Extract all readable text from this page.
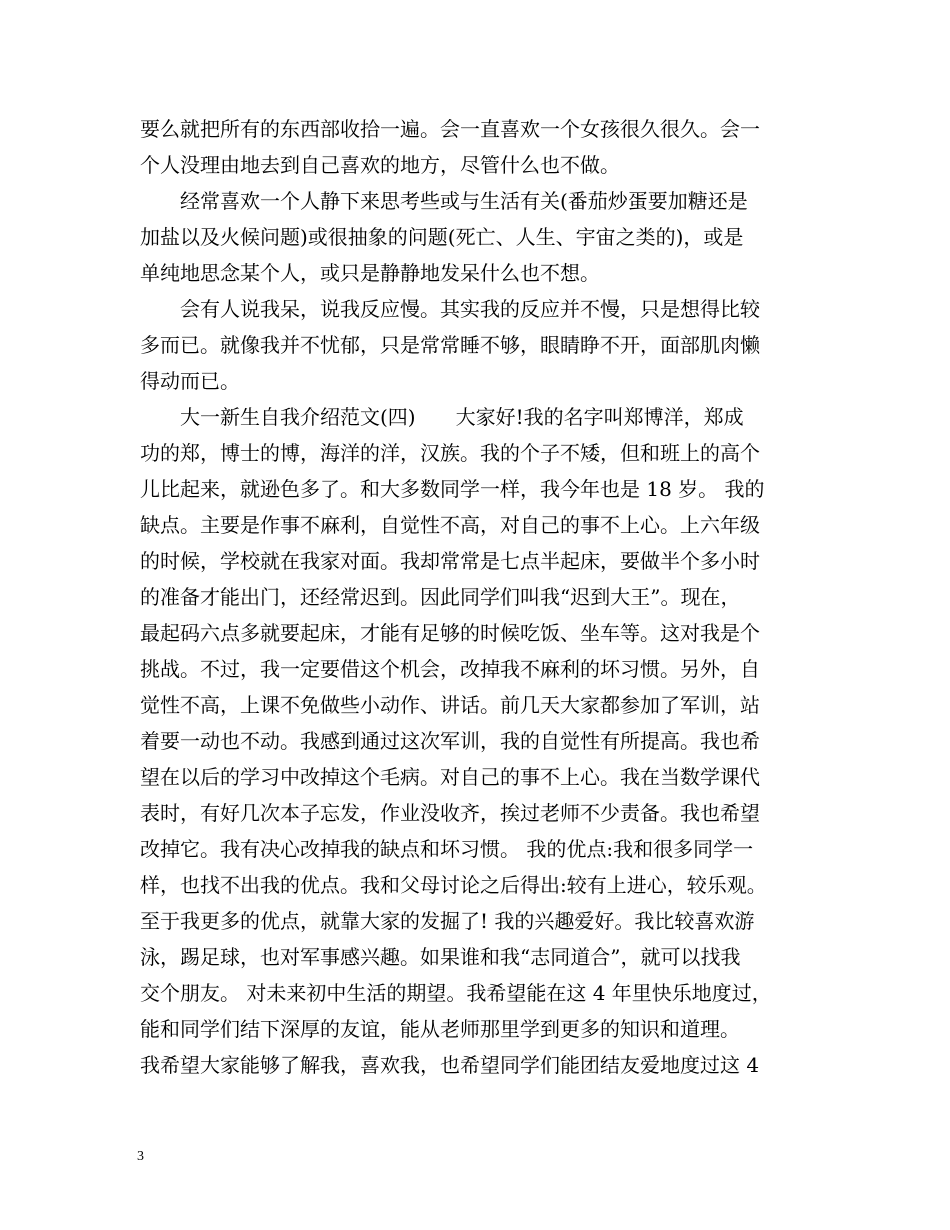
要么就把所有的东西部收拾一遍。会一直喜欢一个女孩很久很久。会一
个人没理由地去到自己喜欢的地方，尽管什么也不做。
　　经常喜欢一个人静下来思考些或与生活有关(番茄炒蛋要加糖还是
加盐以及火候问题)或很抽象的问题(死亡、人生、宇宙之类的)，或是
单纯地思念某个人，或只是静静地发呆什么也不想。
　　会有人说我呆，说我反应慢。其实我的反应并不慢，只是想得比较
多而已。就像我并不忧郁，只是常常睡不够，眼睛睁不开，面部肌肉懒
得动而已。
　　大一新生自我介绍范文(四)　　大家好!我的名字叫郑博洋，郑成
功的郑，博士的博，海洋的洋，汉族。我的个子不矮，但和班上的高个
儿比起来，就逊色多了。和大多数同学一样，我今年也是 18 岁。 我的
缺点。主要是作事不麻利，自觉性不高，对自己的事不上心。上六年级
的时候，学校就在我家对面。我却常常是七点半起床，要做半个多小时
的准备才能出门，还经常迟到。因此同学们叫我“迟到大王”。现在，
最起码六点多就要起床，才能有足够的时候吃饭、坐车等。这对我是个
挑战。不过，我一定要借这个机会，改掉我不麻利的坏习惯。另外，自
觉性不高，上课不免做些小动作、讲话。前几天大家都参加了军训，站
着要一动也不动。我感到通过这次军训，我的自觉性有所提高。我也希
望在以后的学习中改掉这个毛病。对自己的事不上心。我在当数学课代
表时，有好几次本子忘发，作业没收齐，挨过老师不少责备。我也希望
改掉它。我有决心改掉我的缺点和坏习惯。 我的优点:我和很多同学一
样，也找不出我的优点。我和父母讨论之后得出:较有上进心，较乐观。
至于我更多的优点，就靠大家的发掘了! 我的兴趣爱好。我比较喜欢游
泳，踢足球，也对军事感兴趣。如果谁和我“志同道合”，就可以找我
交个朋友。 对未来初中生活的期望。我希望能在这 4 年里快乐地度过，
能和同学们结下深厚的友谊，能从老师那里学到更多的知识和道理。
我希望大家能够了解我，喜欢我，也希望同学们能团结友爱地度过这 4
3
